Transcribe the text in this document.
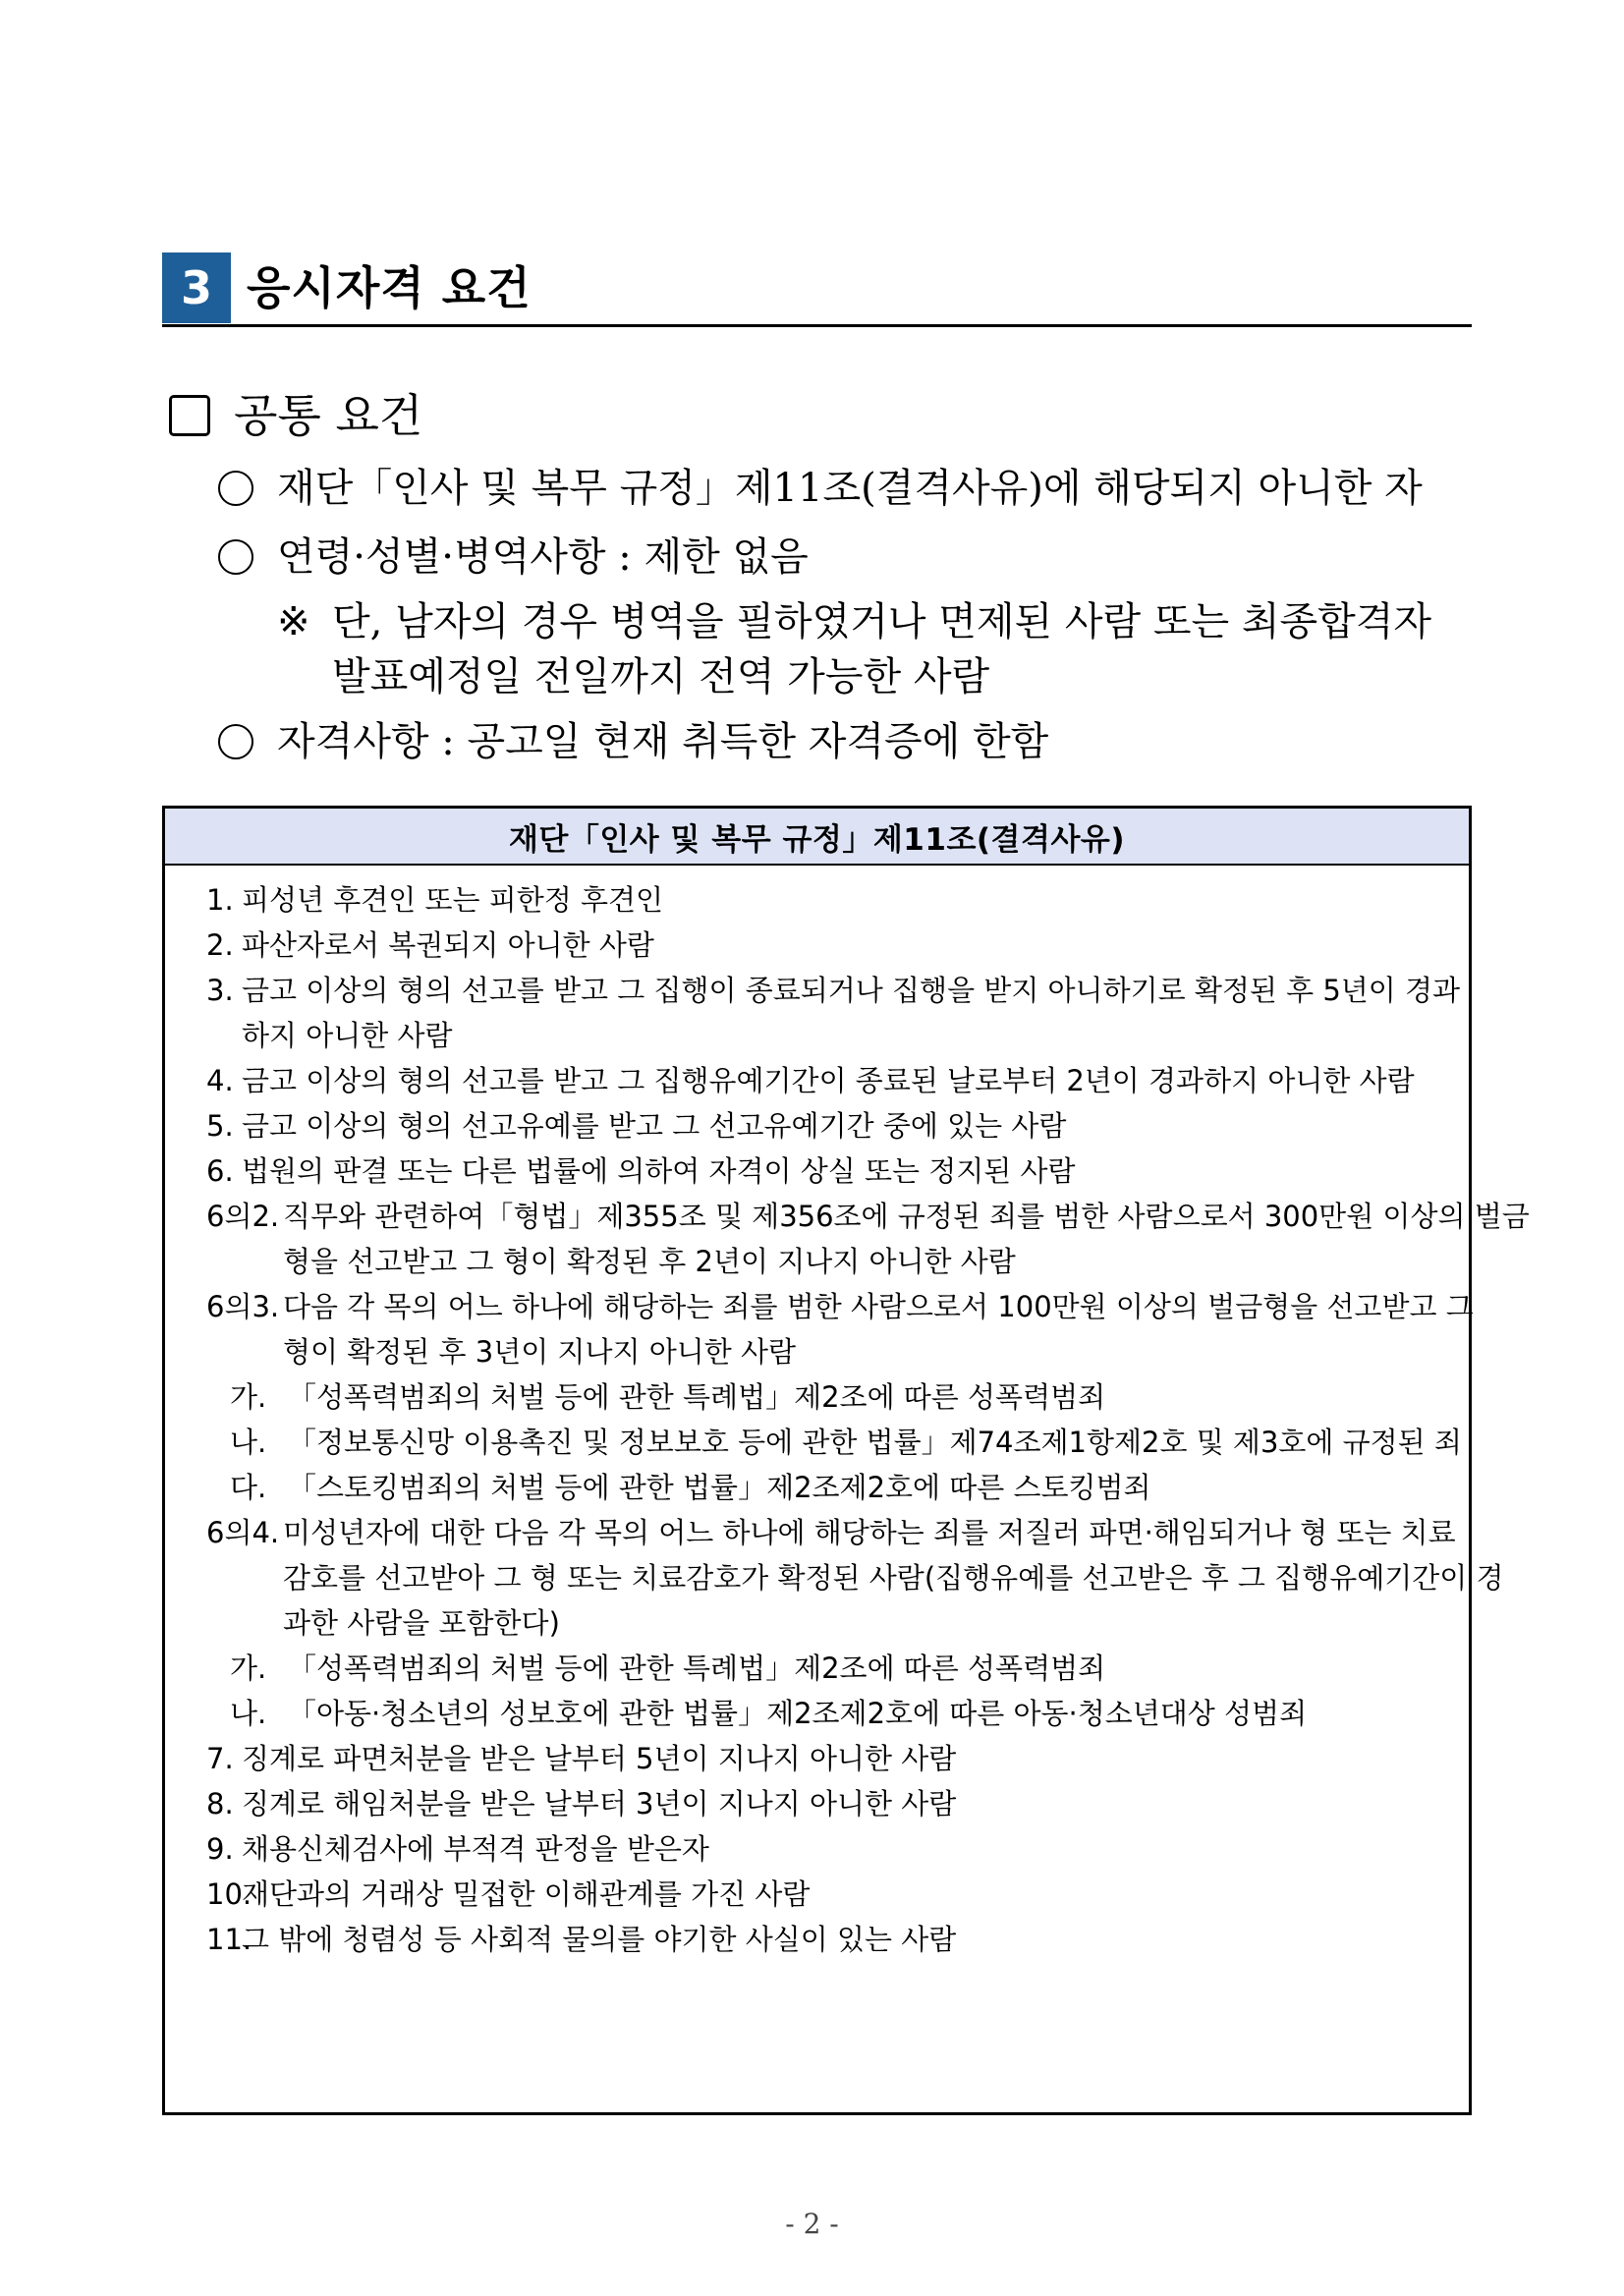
3 응시자격 요건
공통 요건
재단「인사 및 복무 규정」제11조(결격사유)에 해당되지 아니한 자
연령·성별·병역사항 : 제한 없음
※ 단, 남자의 경우 병역을 필하였거나 면제된 사람 또는 최종합격자
발표예정일 전일까지 전역 가능한 사람
자격사항 : 공고일 현재 취득한 자격증에 한함
재단「인사 및 복무 규정」제11조(결격사유)
1. 피성년 후견인 또는 피한정 후견인
2. 파산자로서 복권되지 아니한 사람
3. 금고 이상의 형의 선고를 받고 그 집행이 종료되거나 집행을 받지 아니하기로 확정된 후 5년이 경과
하지 아니한 사람
4. 금고 이상의 형의 선고를 받고 그 집행유예기간이 종료된 날로부터 2년이 경과하지 아니한 사람
5. 금고 이상의 형의 선고유예를 받고 그 선고유예기간 중에 있는 사람
6. 법원의 판결 또는 다른 법률에 의하여 자격이 상실 또는 정지된 사람
6의2. 직무와 관련하여「형법」제355조 및 제356조에 규정된 죄를 범한 사람으로서 300만원 이상의 벌금
형을 선고받고 그 형이 확정된 후 2년이 지나지 아니한 사람
6의3. 다음 각 목의 어느 하나에 해당하는 죄를 범한 사람으로서 100만원 이상의 벌금형을 선고받고 그
형이 확정된 후 3년이 지나지 아니한 사람
가. 「성폭력범죄의 처벌 등에 관한 특례법」제2조에 따른 성폭력범죄
나. 「정보통신망 이용촉진 및 정보보호 등에 관한 법률」제74조제1항제2호 및 제3호에 규정된 죄
다. 「스토킹범죄의 처벌 등에 관한 법률」제2조제2호에 따른 스토킹범죄
6의4. 미성년자에 대한 다음 각 목의 어느 하나에 해당하는 죄를 저질러 파면·해임되거나 형 또는 치료
감호를 선고받아 그 형 또는 치료감호가 확정된 사람(집행유예를 선고받은 후 그 집행유예기간이 경
과한 사람을 포함한다)
가. 「성폭력범죄의 처벌 등에 관한 특례법」제2조에 따른 성폭력범죄
나. 「아동·청소년의 성보호에 관한 법률」제2조제2호에 따른 아동·청소년대상 성범죄
7. 징계로 파면처분을 받은 날부터 5년이 지나지 아니한 사람
8. 징계로 해임처분을 받은 날부터 3년이 지나지 아니한 사람
9. 채용신체검사에 부적격 판정을 받은자
10.
재단과의 거래상 밀접한 이해관계를 가진 사람
11.
그 밖에 청렴성 등 사회적 물의를 야기한 사실이 있는 사람
- 2 -
